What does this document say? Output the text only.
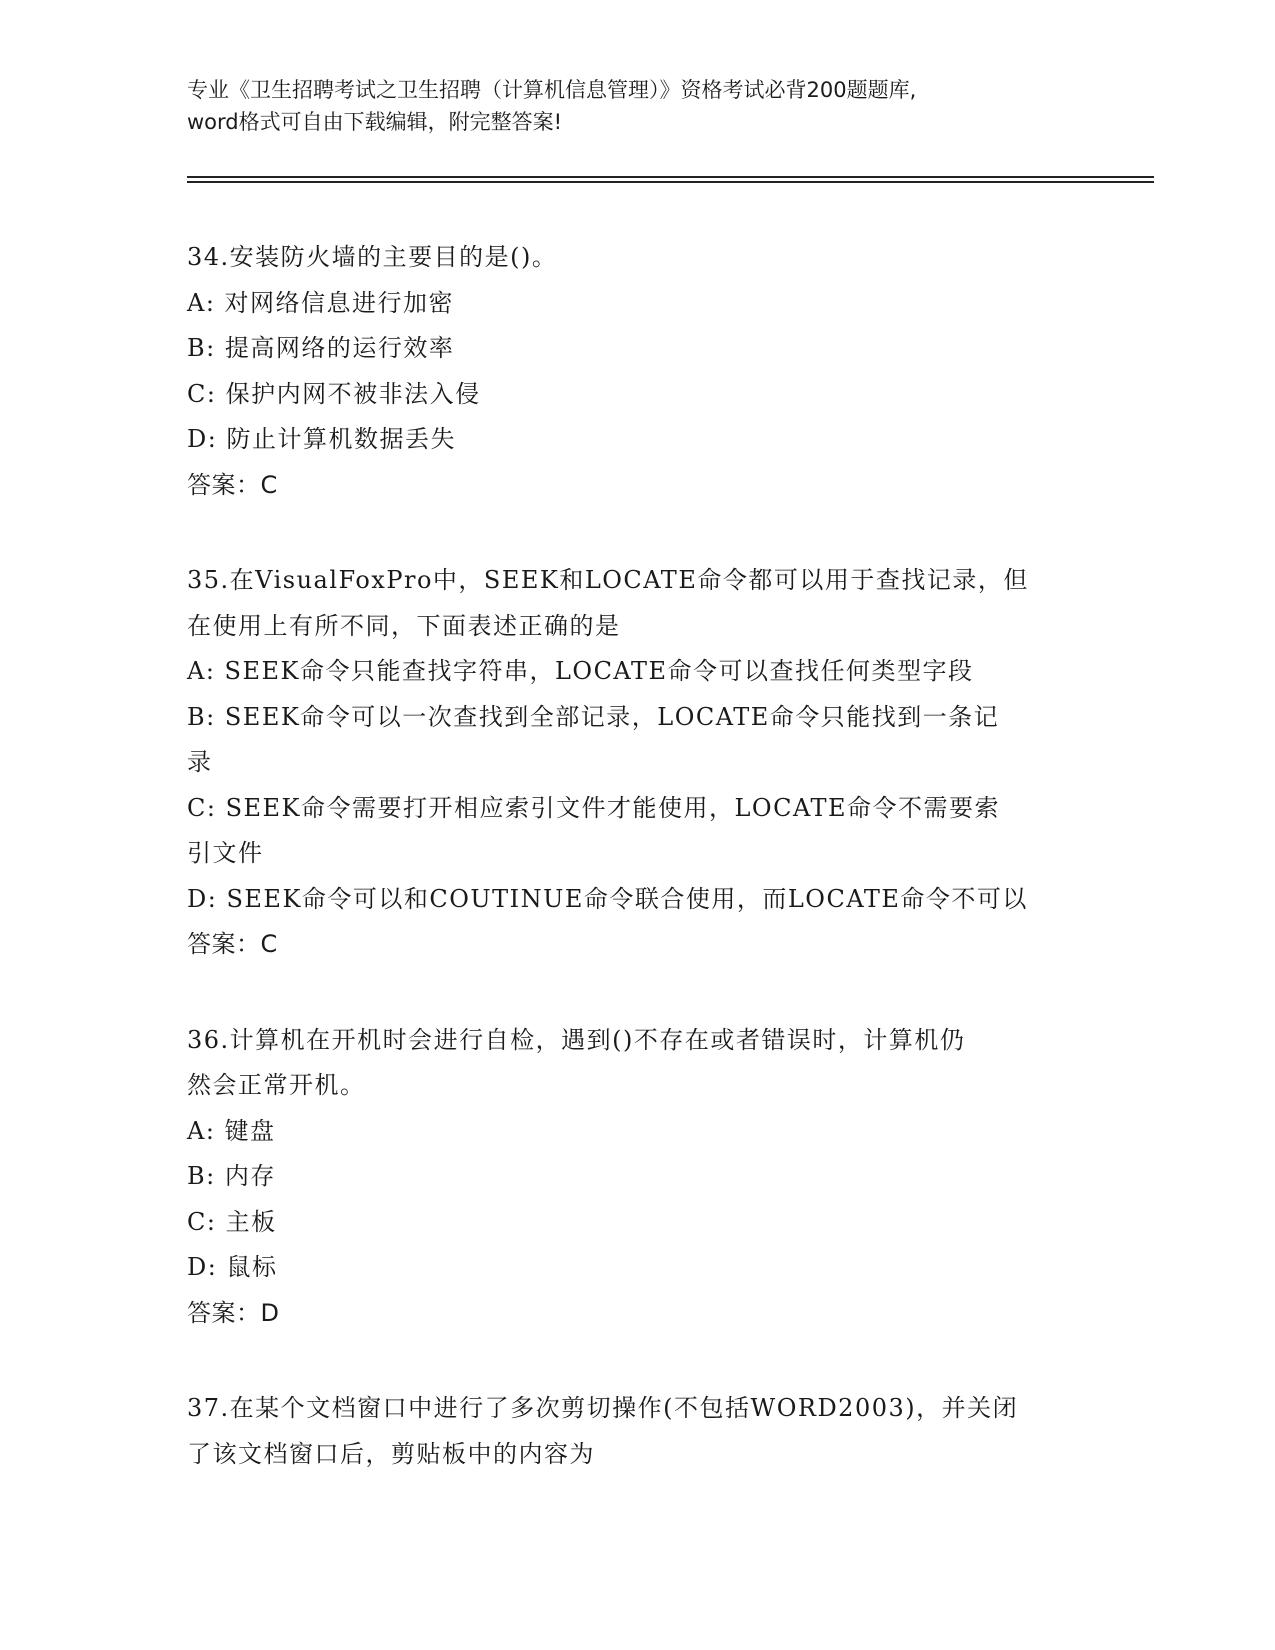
专业《卫生招聘考试之卫生招聘（计算机信息管理）》资格考试必背200题题库,
word格式可自由下载编辑，附完整答案!

34.安装防火墙的主要目的是()。

A: 对网络信息进行加密

B: 提高网络的运行效率

C: 保护内网不被非法入侵

D: 防止计算机数据丢失

答案：C

35.在VisualFoxPro中，SEEK和LOCATE命令都可以用于查找记录，但

在使用上有所不同，下面表述正确的是

A: SEEK命令只能查找字符串，LOCATE命令可以查找任何类型字段

B: SEEK命令可以一次查找到全部记录，LOCATE命令只能找到一条记

录

C: SEEK命令需要打开相应索引文件才能使用，LOCATE命令不需要索

引文件

D: SEEK命令可以和COUTINUE命令联合使用，而LOCATE命令不可以

答案：C

36.计算机在开机时会进行自检，遇到()不存在或者错误时，计算机仍

然会正常开机。

A: 键盘

B: 内存

C: 主板

D: 鼠标

答案：D

37.在某个文档窗口中进行了多次剪切操作(不包括WORD2003)，并关闭

了该文档窗口后，剪贴板中的内容为
